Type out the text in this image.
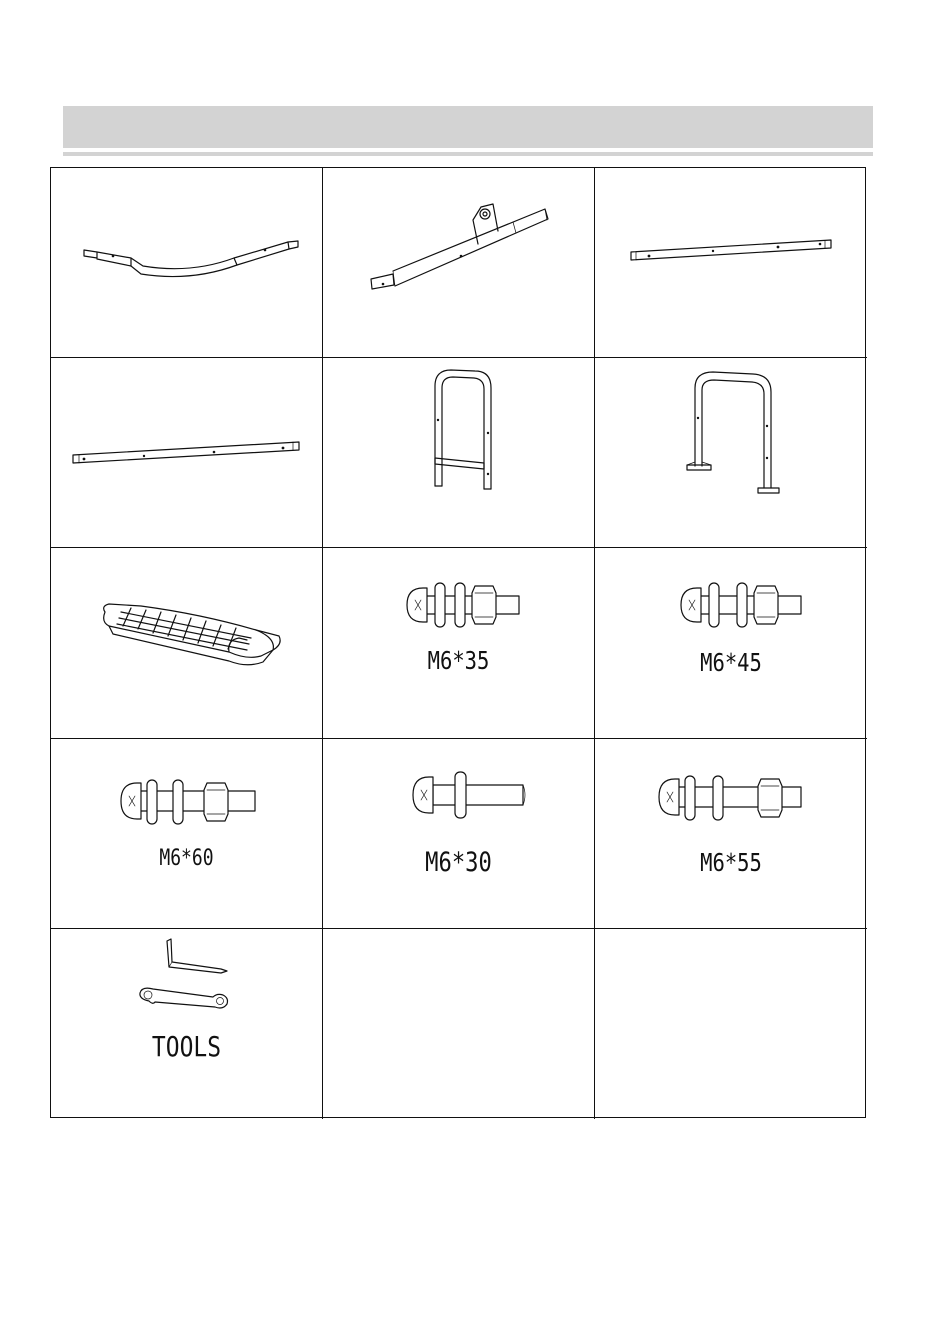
M6*35	M6*45
M6*60	M6*30	M6*55
TOOLS
